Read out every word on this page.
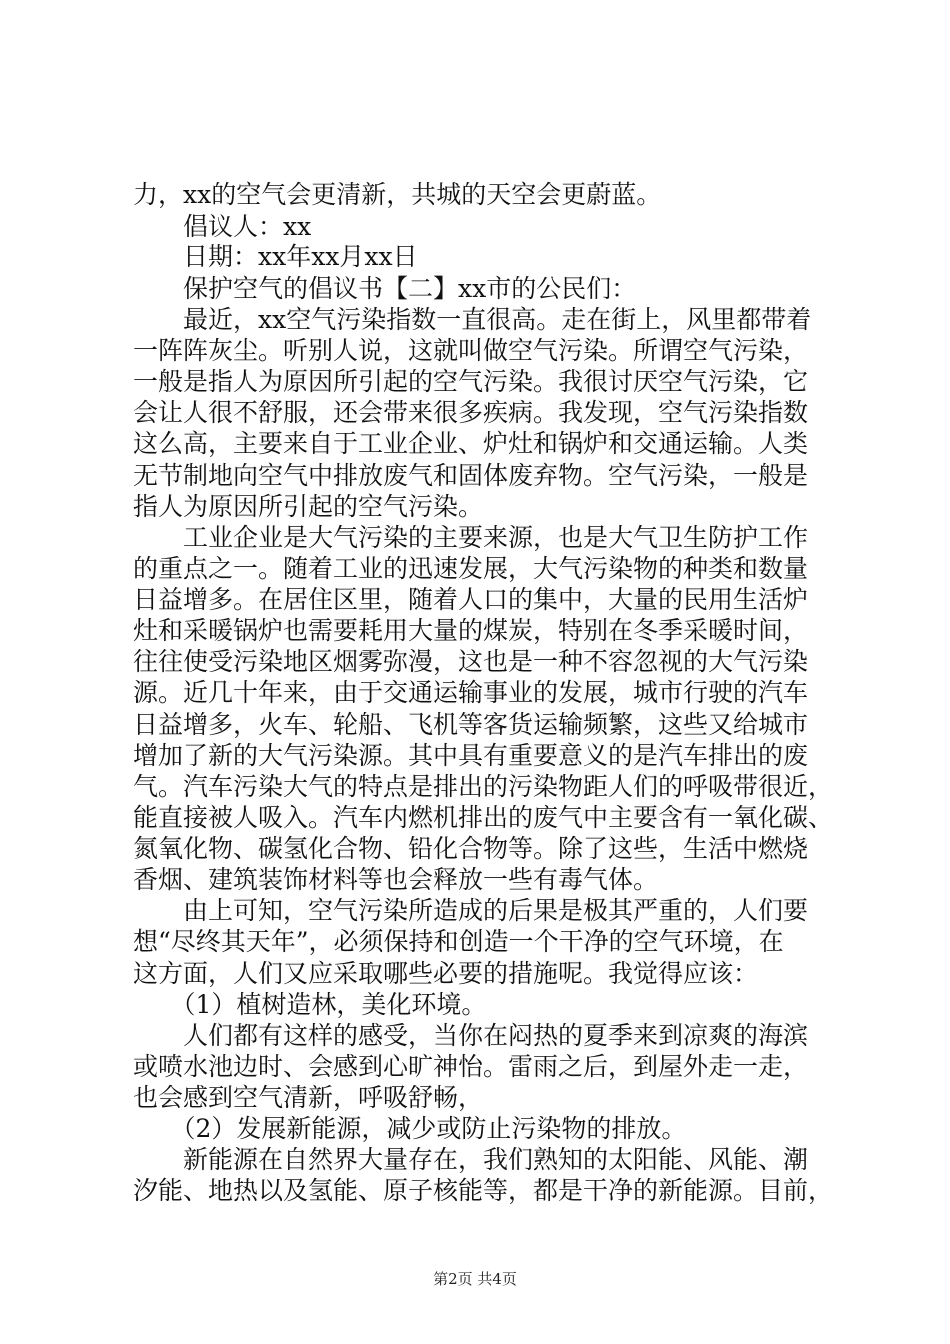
力，xx的空气会更清新，共城的天空会更蔚蓝。
　　倡议人：xx
　　日期：xx年xx月xx日
　　保护空气的倡议书【二】xx市的公民们：
　　最近，xx空气污染指数一直很高。走在街上，风里都带着
一阵阵灰尘。听别人说，这就叫做空气污染。所谓空气污染，
一般是指人为原因所引起的空气污染。我很讨厌空气污染，它
会让人很不舒服，还会带来很多疾病。我发现，空气污染指数
这么高，主要来自于工业企业、炉灶和锅炉和交通运输。人类
无节制地向空气中排放废气和固体废弃物。空气污染，一般是
指人为原因所引起的空气污染。
　　工业企业是大气污染的主要来源，也是大气卫生防护工作
的重点之一。随着工业的迅速发展，大气污染物的种类和数量
日益增多。在居住区里，随着人口的集中，大量的民用生活炉
灶和采暖锅炉也需要耗用大量的煤炭，特别在冬季采暖时间，
往往使受污染地区烟雾弥漫，这也是一种不容忽视的大气污染
源。近几十年来，由于交通运输事业的发展，城市行驶的汽车
日益增多，火车、轮船、飞机等客货运输频繁，这些又给城市
增加了新的大气污染源。其中具有重要意义的是汽车排出的废
气。汽车污染大气的特点是排出的污染物距人们的呼吸带很近，
能直接被人吸入。汽车内燃机排出的废气中主要含有一氧化碳、
氮氧化物、碳氢化合物、铅化合物等。除了这些，生活中燃烧
香烟、建筑装饰材料等也会释放一些有毒气体。
　　由上可知，空气污染所造成的后果是极其严重的，人们要
想“尽终其天年”，必须保持和创造一个干净的空气环境，在
这方面，人们又应采取哪些必要的措施呢。我觉得应该：
　　（1）植树造林，美化环境。
　　人们都有这样的感受，当你在闷热的夏季来到凉爽的海滨
或喷水池边时、会感到心旷神怡。雷雨之后，到屋外走一走，
也会感到空气清新，呼吸舒畅，
　　（2）发展新能源，减少或防止污染物的排放。
　　新能源在自然界大量存在，我们熟知的太阳能、风能、潮
汐能、地热以及氢能、原子核能等，都是干净的新能源。目前，
第2页 共4页
